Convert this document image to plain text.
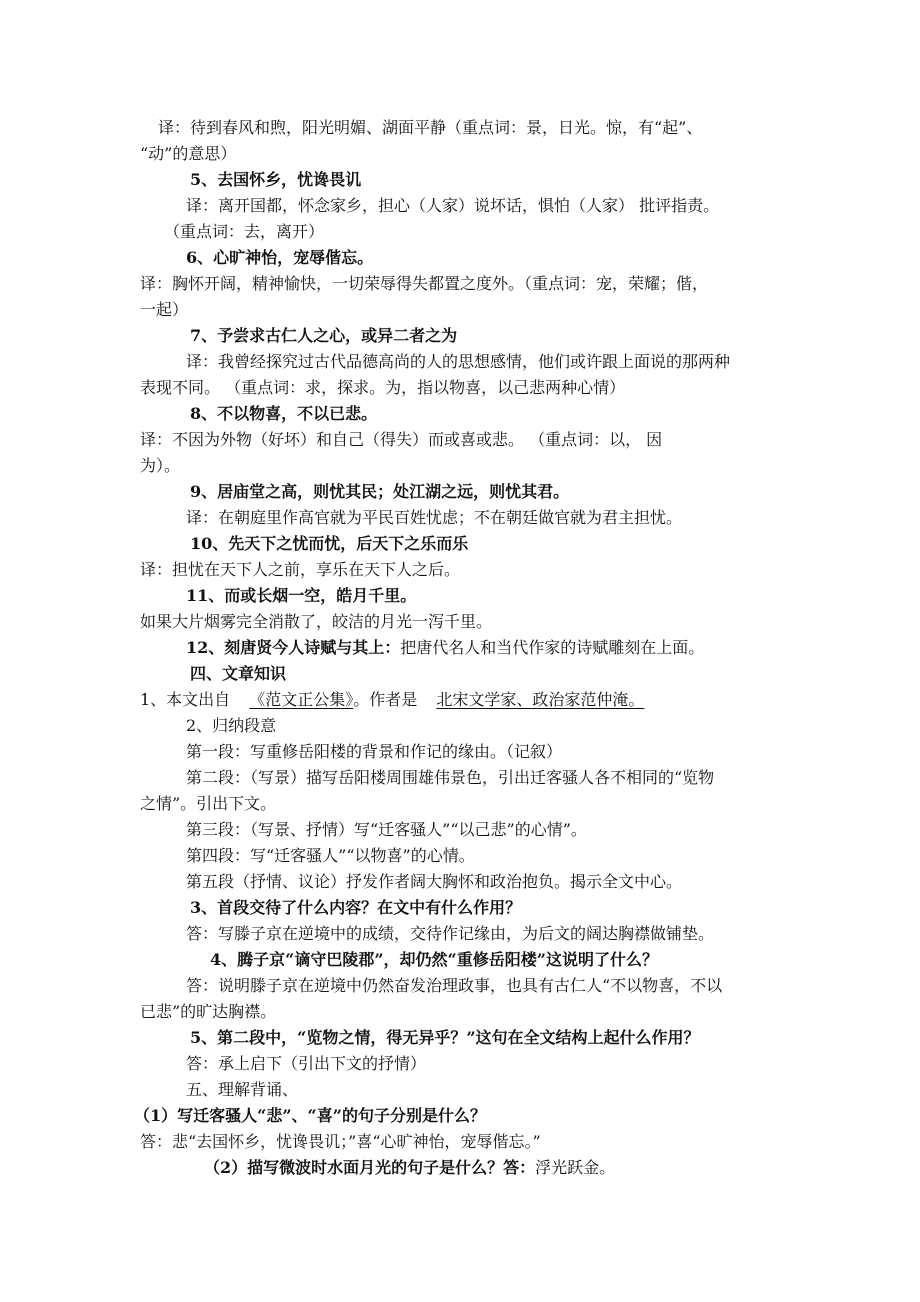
译：待到春风和煦，阳光明媚、湖面平静（重点词：景，日光。惊，有“起”、
“动”的意思）
5、去国怀乡，忧谗畏讥
译：离开国都，怀念家乡，担心（人家）说坏话，惧怕（人家） 批评指责。
（重点词：去，离开）
6、心旷神怡，宠辱偕忘。
译：胸怀开阔，精神愉快，一切荣辱得失都置之度外。（重点词：宠，荣耀；偕，
一起）
7、予尝求古仁人之心，或异二者之为
译：我曾经探究过古代品德高尚的人的思想感情，他们或许跟上面说的那两种
表现不同。 （重点词：求，探求。为，指以物喜，以己悲两种心情）
8、不以物喜，不以已悲。
译：不因为外物（好坏）和自己（得失）而或喜或悲。 （重点词：以， 因
为）。
9、居庙堂之高，则忧其民；处江湖之远，则忧其君。
译：在朝庭里作高官就为平民百姓忧虑；不在朝廷做官就为君主担忧。
10、先天下之忧而忧，后天下之乐而乐
译：担忧在天下人之前，享乐在天下人之后。
11、而或长烟一空，皓月千里。
如果大片烟雾完全消散了，皎洁的月光一泻千里。
12、刻唐贤今人诗赋与其上：把唐代名人和当代作家的诗赋雕刻在上面。
四、文章知识
1、本文出自 《范文正公集》。作者是 北宋文学家、政治家范仲淹。
2、归纳段意
第一段：写重修岳阳楼的背景和作记的缘由。（记叙）
第二段：（写景）描写岳阳楼周围雄伟景色，引出迁客骚人各不相同的“览物
之情”。引出下文。
第三段：（写景、抒情）写“迁客骚人”“以己悲”的心情”。
第四段：写“迁客骚人”“以物喜”的心情。
第五段（抒情、议论）抒发作者阔大胸怀和政治抱负。揭示全文中心。
3、首段交待了什么内容？在文中有什么作用？
答：写滕子京在逆境中的成绩，交待作记缘由，为后文的阔达胸襟做铺垫。
4、腾子京“谪守巴陵郡”，却仍然“重修岳阳楼”这说明了什么？
答：说明滕子京在逆境中仍然奋发治理政事，也具有古仁人“不以物喜，不以
已悲”的旷达胸襟。
5、第二段中，“览物之情，得无异乎？”这句在全文结构上起什么作用？
答：承上启下（引出下文的抒情）
五、理解背诵、
（1）写迁客骚人“悲”、“喜”的句子分别是什么？
答：悲“去国怀乡，忧谗畏讥；”喜“心旷神怡，宠辱偕忘。”
（2）描写微波时水面月光的句子是什么？答：浮光跃金。
